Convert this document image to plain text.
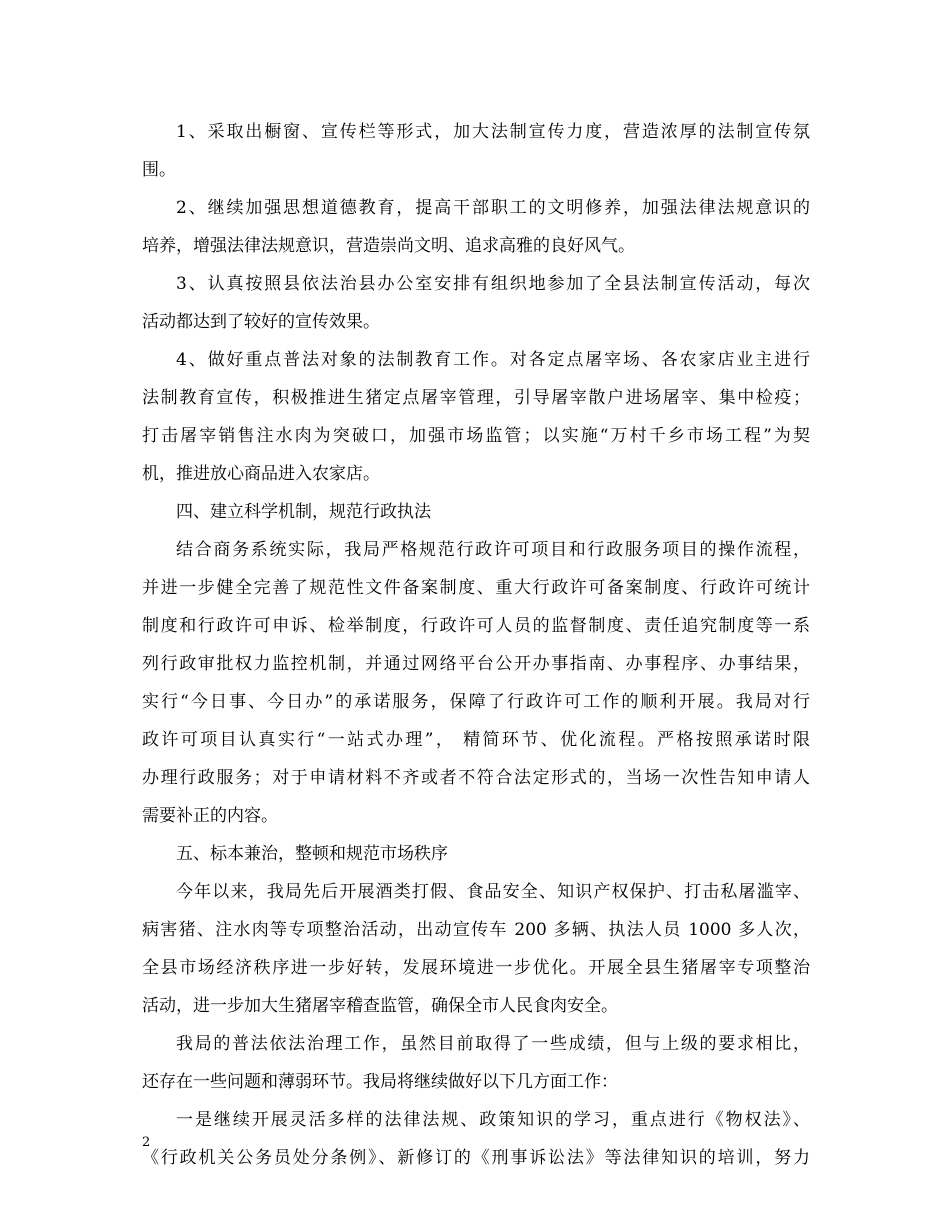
1、采取出橱窗、宣传栏等形式，加大法制宣传力度，营造浓厚的法制宣传氛
围。
2、继续加强思想道德教育，提高干部职工的文明修养，加强法律法规意识的
培养，增强法律法规意识，营造崇尚文明、追求高雅的良好风气。
3、认真按照县依法治县办公室安排有组织地参加了全县法制宣传活动，每次
活动都达到了较好的宣传效果。
4、做好重点普法对象的法制教育工作。对各定点屠宰场、各农家店业主进行
法制教育宣传，积极推进生猪定点屠宰管理，引导屠宰散户进场屠宰、集中检疫；
打击屠宰销售注水肉为突破口，加强市场监管；以实施“万村千乡市场工程”为契
机，推进放心商品进入农家店。
四、建立科学机制，规范行政执法
结合商务系统实际，我局严格规范行政许可项目和行政服务项目的操作流程，
并进一步健全完善了规范性文件备案制度、重大行政许可备案制度、行政许可统计
制度和行政许可申诉、检举制度，行政许可人员的监督制度、责任追究制度等一系
列行政审批权力监控机制，并通过网络平台公开办事指南、办事程序、办事结果，
实行“今日事、今日办”的承诺服务，保障了行政许可工作的顺利开展。我局对行
政许可项目认真实行“一站式办理”， 精简环节、优化流程。严格按照承诺时限
办理行政服务；对于申请材料不齐或者不符合法定形式的，当场一次性告知申请人
需要补正的内容。
五、标本兼治，整顿和规范市场秩序
今年以来，我局先后开展酒类打假、食品安全、知识产权保护、打击私屠滥宰、
病害猪、注水肉等专项整治活动，出动宣传车 200 多辆、执法人员 1000 多人次，
全县市场经济秩序进一步好转，发展环境进一步优化。开展全县生猪屠宰专项整治
活动，进一步加大生猪屠宰稽查监管，确保全市人民食肉安全。
我局的普法依法治理工作，虽然目前取得了一些成绩，但与上级的要求相比，
还存在一些问题和薄弱环节。我局将继续做好以下几方面工作：
一是继续开展灵活多样的法律法规、政策知识的学习，重点进行《物权法》、
《行政机关公务员处分条例》、新修订的《刑事诉讼法》等法律知识的培训，努力
2
